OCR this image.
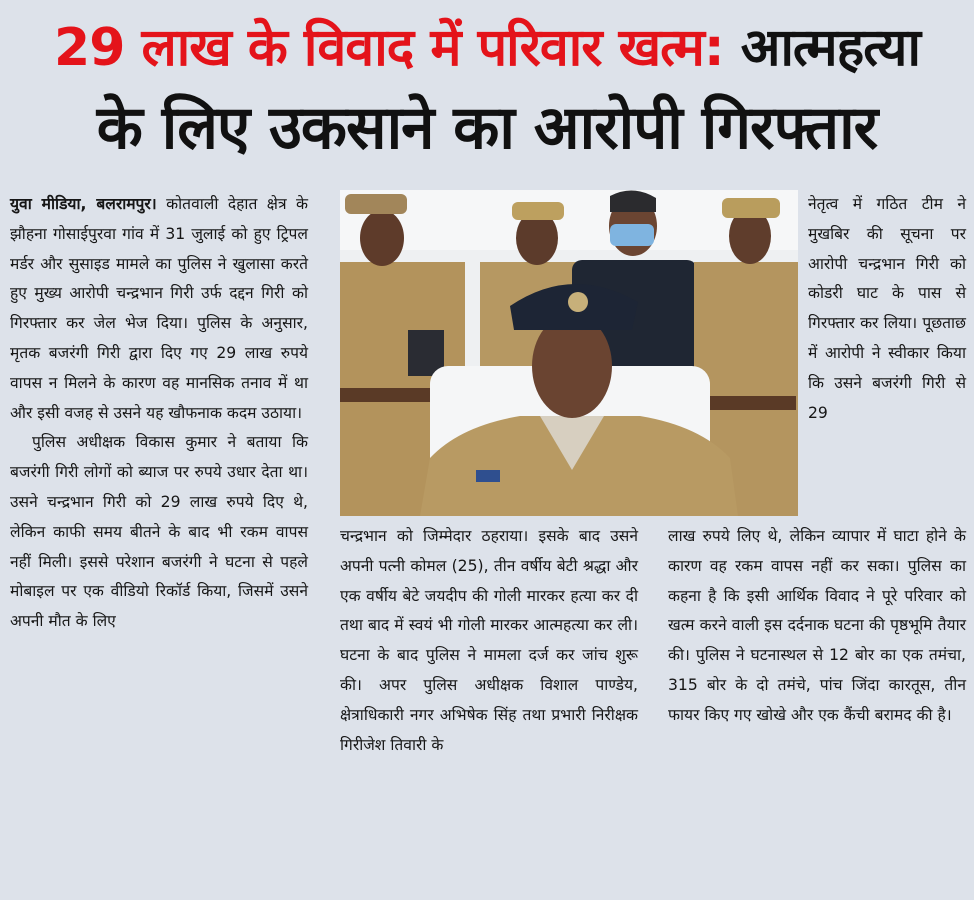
29 लाख के विवाद में परिवार खत्म: आत्महत्या
के लिए उकसाने का आरोपी गिरफ्तार

युवा मीडिया, बलरामपुर। कोतवाली देहात क्षेत्र के झौहना गोसाईपुरवा गांव में 31 जुलाई को हुए ट्रिपल मर्डर और सुसाइड मामले का पुलिस ने खुलासा करते हुए मुख्य आरोपी चन्द्रभान गिरी उर्फ दद्दन गिरी को गिरफ्तार कर जेल भेज दिया। पुलिस के अनुसार, मृतक बजरंगी गिरी द्वारा दिए गए 29 लाख रुपये वापस न मिलने के कारण वह मानसिक तनाव में था और इसी वजह से उसने यह खौफनाक कदम उठाया।

पुलिस अधीक्षक विकास कुमार ने बताया कि बजरंगी गिरी लोगों को ब्याज पर रुपये उधार देता था। उसने चन्द्रभान गिरी को 29 लाख रुपये दिए थे, लेकिन काफी समय बीतने के बाद भी रकम वापस नहीं मिली। इससे परेशान बजरंगी ने घटना से पहले मोबाइल पर एक वीडियो रिकॉर्ड किया, जिसमें उसने अपनी मौत के लिए

नेतृत्व में गठित टीम ने मुखबिर की सूचना पर आरोपी चन्द्रभान गिरी को कोडरी घाट के पास से गिरफ्तार कर लिया। पूछताछ में आरोपी ने स्वीकार किया कि उसने बजरंगी गिरी से 29
चन्द्रभान को जिम्मेदार ठहराया। इसके बाद उसने अपनी पत्नी कोमल (25), तीन वर्षीय बेटी श्रद्धा और एक वर्षीय बेटे जयदीप की गोली मारकर हत्या कर दी तथा बाद में स्वयं भी गोली मारकर आत्महत्या कर ली। घटना के बाद पुलिस ने मामला दर्ज कर जांच शुरू की। अपर पुलिस अधीक्षक विशाल पाण्डेय, क्षेत्राधिकारी नगर अभिषेक सिंह तथा प्रभारी निरीक्षक गिरीजेश तिवारी के
लाख रुपये लिए थे, लेकिन व्यापार में घाटा होने के कारण वह रकम वापस नहीं कर सका। पुलिस का कहना है कि इसी आर्थिक विवाद ने पूरे परिवार को खत्म करने वाली इस दर्दनाक घटना की पृष्ठभूमि तैयार की। पुलिस ने घटनास्थल से 12 बोर का एक तमंचा, 315 बोर के दो तमंचे, पांच जिंदा कारतूस, तीन फायर किए गए खोखे और एक कैंची बरामद की है।
